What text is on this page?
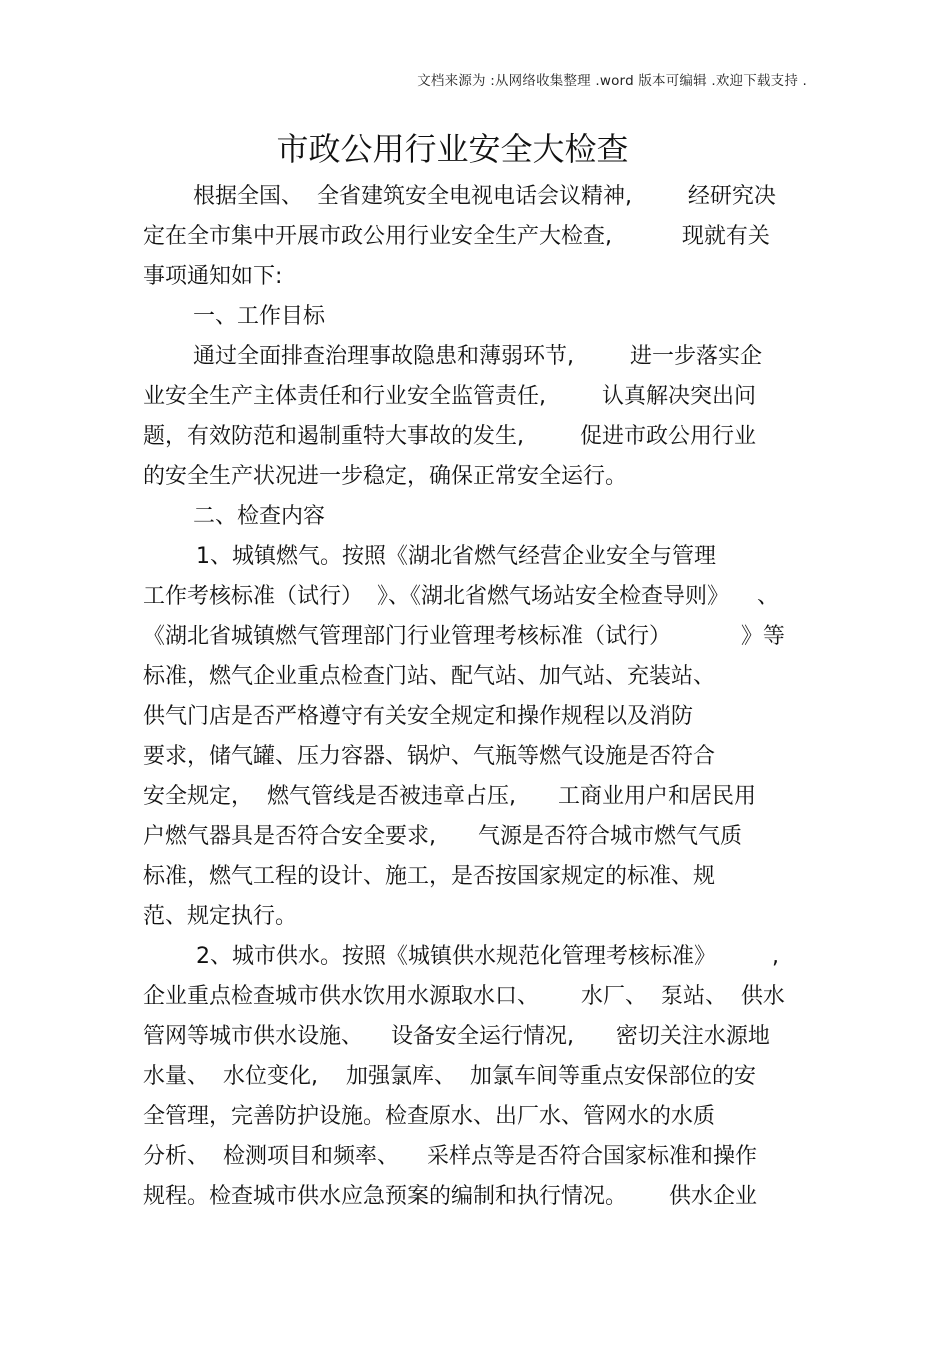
文档来源为 :从网络收集整理 .word 版本可编辑 .欢迎下载支持 .
市政公用行业安全大检查
根据全国、  全省建筑安全电视电话会议精神,        经研究决
定在全市集中开展市政公用行业安全生产大检查,          现就有关
事项通知如下:
一、工作目标
通过全面排查治理事故隐患和薄弱环节,        进一步落实企
业安全生产主体责任和行业安全监管责任,        认真解决突出问
题，有效防范和遏制重特大事故的发生,        促进市政公用行业
的安全生产状况进一步稳定，确保正常安全运行。
二、检查内容
1、城镇燃气。按照《湖北省燃气经营企业安全与管理
工作考核标准（试行）  》、《湖北省燃气场站安全检查导则》    、
《湖北省城镇燃气管理部门行业管理考核标准（试行）          》等
标准，燃气企业重点检查门站、配气站、加气站、充装站、
供气门店是否严格遵守有关安全规定和操作规程以及消防
要求，储气罐、压力容器、锅炉、气瓶等燃气设施是否符合
安全规定，  燃气管线是否被违章占压,      工商业用户和居民用
户燃气器具是否符合安全要求,      气源是否符合城市燃气气质
标准，燃气工程的设计、施工，是否按国家规定的标准、规
范、规定执行。
2、城市供水。按照《城镇供水规范化管理考核标准》        ,
企业重点检查城市供水饮用水源取水口、      水厂、  泵站、  供水
管网等城市供水设施、    设备安全运行情况,      密切关注水源地
水量、  水位变化,    加强氯库、  加氯车间等重点安保部位的安
全管理，完善防护设施。检查原水、出厂水、管网水的水质
分析、  检测项目和频率、    采样点等是否符合国家标准和操作
规程。检查城市供水应急预案的编制和执行情况。      供水企业
